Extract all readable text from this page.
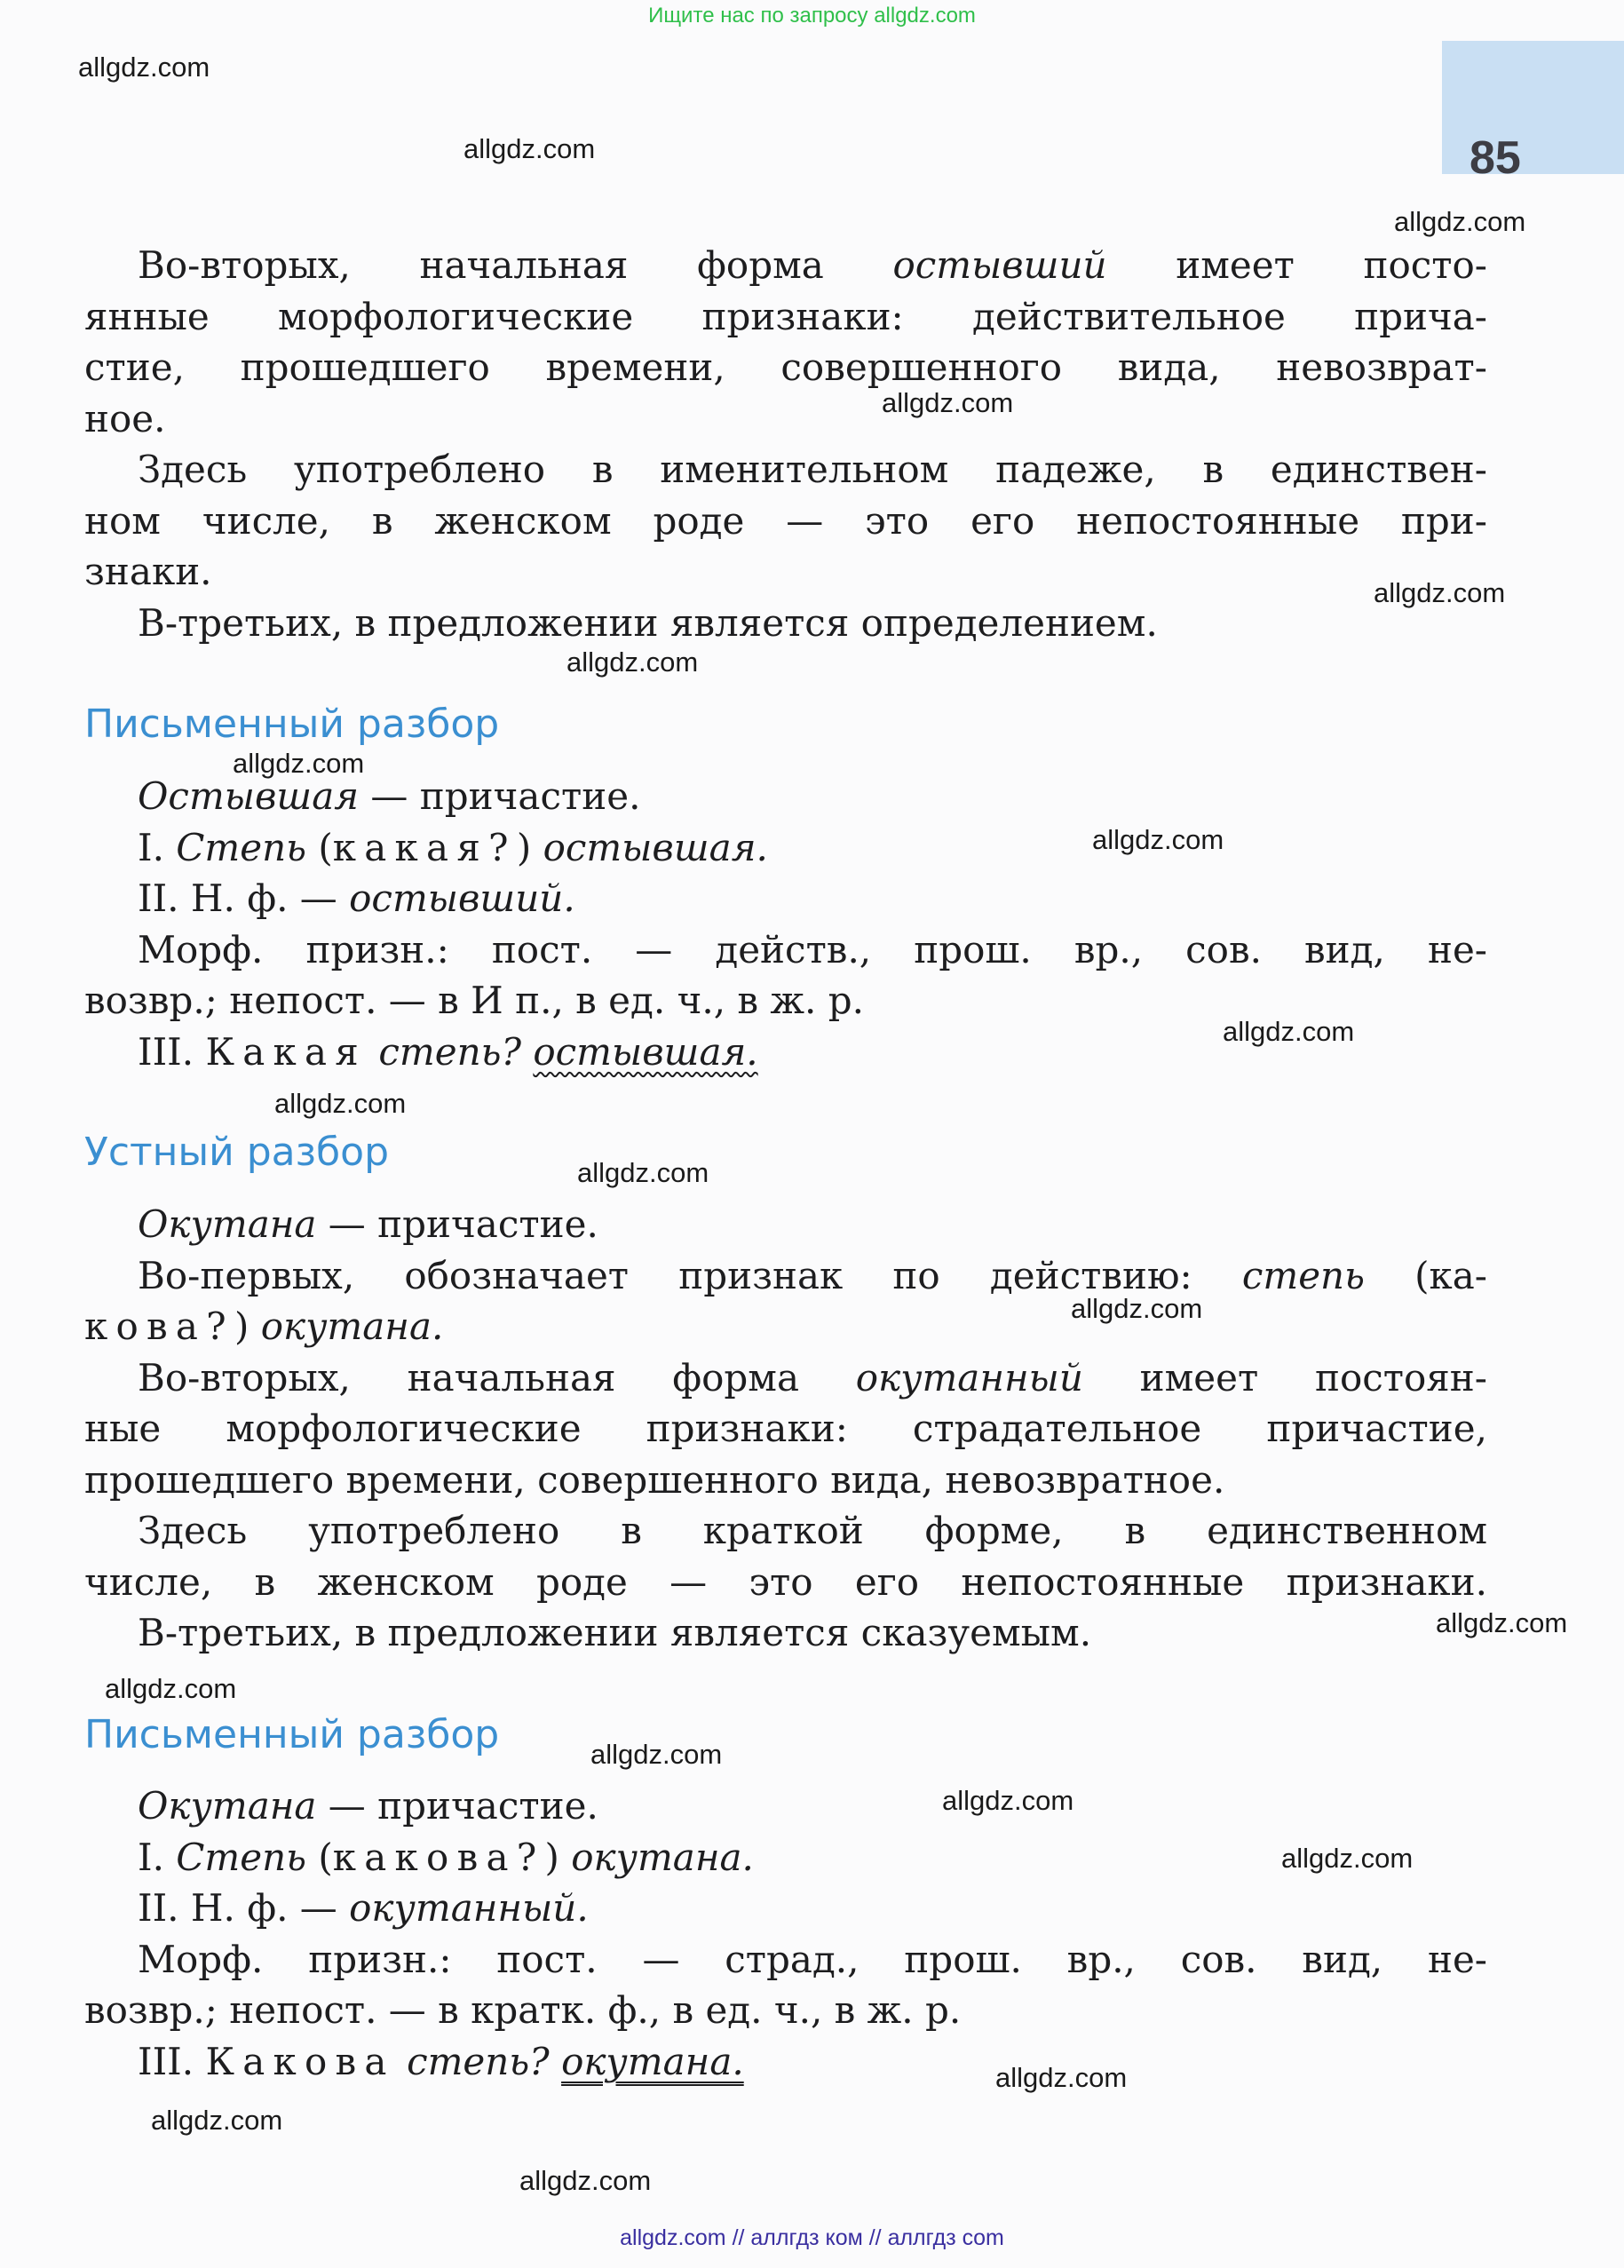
Ищите нас по запросу allgdz.com
85
Во-вторых, начальная форма остывший имеет посто-
янные морфологические признаки: действительное прича-
стие, прошедшего времени, совершенного вида, невозврат-
ное.
Здесь употреблено в именительном падеже, в единствен-
ном числе, в женском роде — это его непостоянные при-
знаки.
В-третьих, в предложении является определением.
Письменный разбор
Остывшая — причастие.
I. Степь (какая?) остывшая.
II. Н. ф. — остывший.
Морф. призн.: пост. — действ., прош. вр., сов. вид, не-
возвр.; непост. — в И п., в ед. ч., в ж. р.
III. Какая степь? остывшая.
Устный разбор
Окутана — причастие.
Во-первых, обозначает признак по действию: степь (ка-
кова?) окутана.
Во-вторых, начальная форма окутанный имеет постоян-
ные морфологические признаки: страдательное причастие,
прошедшего времени, совершенного вида, невозвратное.
Здесь употреблено в краткой форме, в единственном
числе, в женском роде — это его непостоянные признаки.
В-третьих, в предложении является сказуемым.
Письменный разбор
Окутана — причастие.
I. Степь (какова?) окутана.
II. Н. ф. — окутанный.
Морф. призн.: пост. — страд., прош. вр., сов. вид, не-
возвр.; непост. — в кратк. ф., в ед. ч., в ж. р.
III. Какова степь? окутана.
allgdz.com
allgdz.com
allgdz.com
allgdz.com
allgdz.com
allgdz.com
allgdz.com
allgdz.com
allgdz.com
allgdz.com
allgdz.com
allgdz.com
allgdz.com
allgdz.com
allgdz.com
allgdz.com
allgdz.com
allgdz.com
allgdz.com
allgdz.com
allgdz.com // аллгдз ком // аллгдз com
